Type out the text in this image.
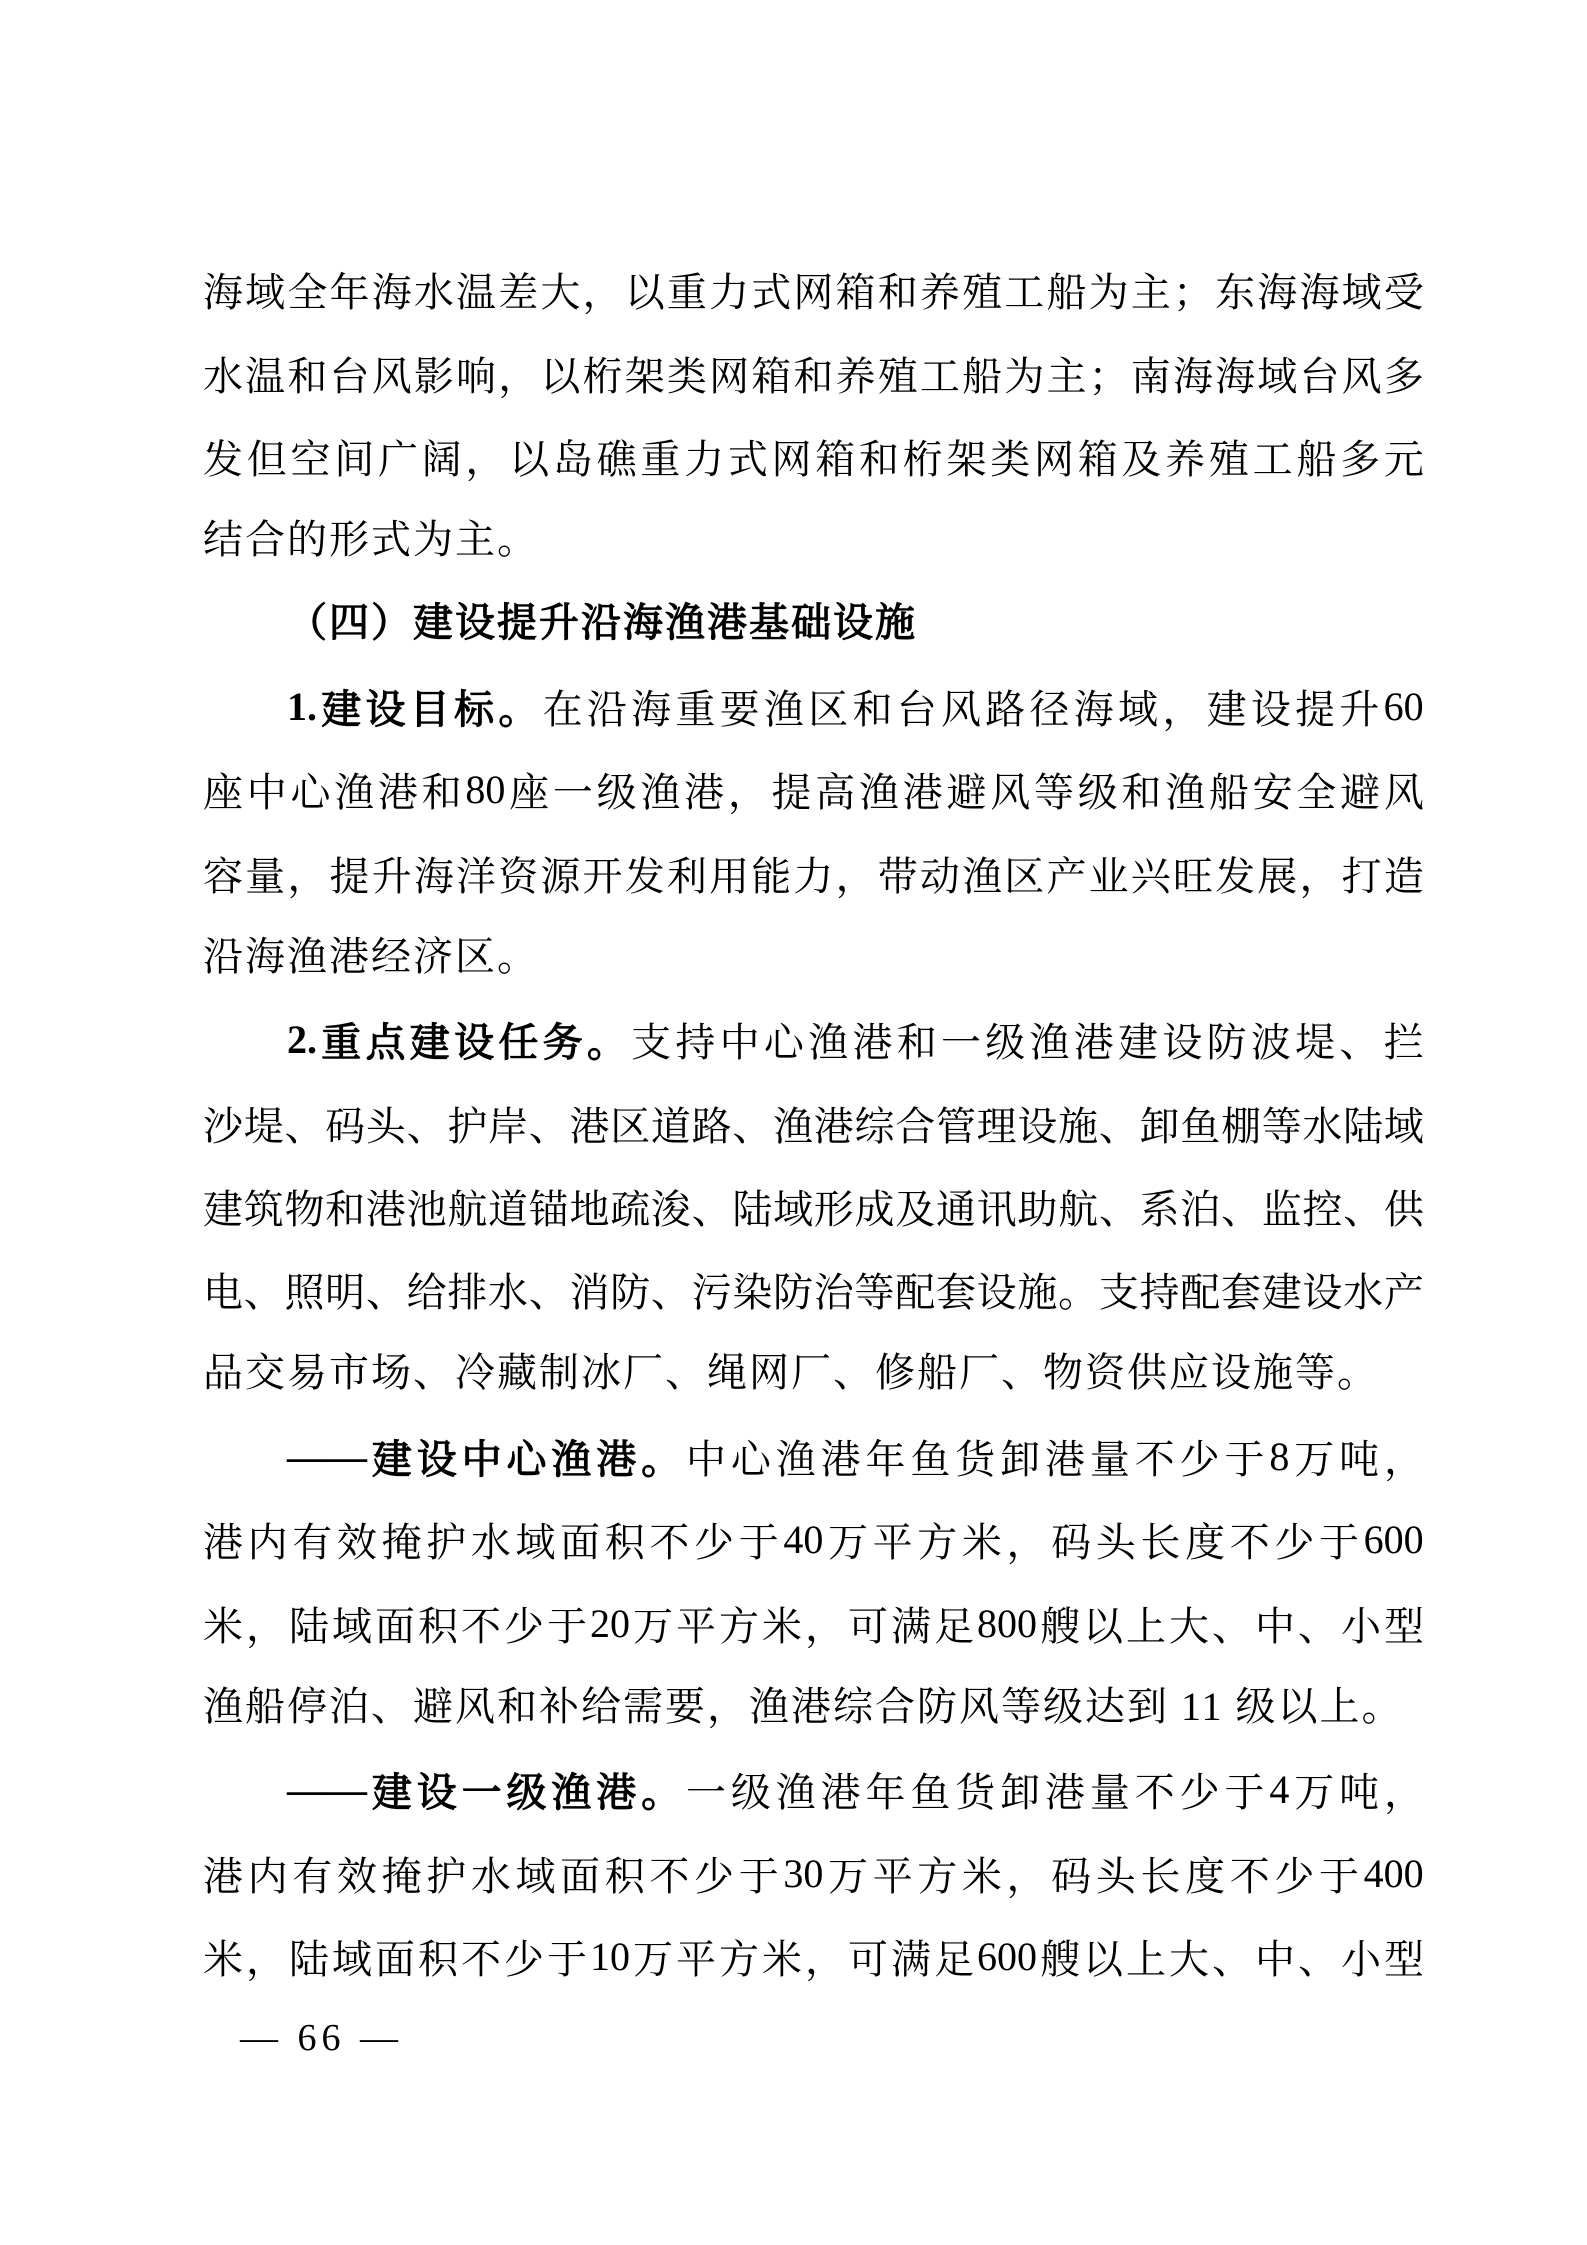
海 域 全 年 海 水 温 差 大 ， 以 重 力 式 网 箱 和 养 殖 工 船 为 主 ； 东 海 海 域 受
水 温 和 台 风 影 响 ， 以 桁 架 类 网 箱 和 养 殖 工 船 为 主 ； 南 海 海 域 台 风 多
发 但 空 间 广 阔 ， 以 岛 礁 重 力 式 网 箱 和 桁 架 类 网 箱 及 养 殖 工 船 多 元
结合的形式为主。
（四）建设提升沿海渔港基础设施
1. 建 设 目 标 。 在 沿 海 重 要 渔 区 和 台 风 路 径 海 域 ， 建 设 提 升 60
座 中 心 渔 港 和 80 座 一 级 渔 港 ， 提 高 渔 港 避 风 等 级 和 渔 船 安 全 避 风
容 量 ， 提 升 海 洋 资 源 开 发 利 用 能 力 ， 带 动 渔 区 产 业 兴 旺 发 展 ， 打 造
沿海渔港经济区。
2. 重 点 建 设 任 务 。 支 持 中 心 渔 港 和 一 级 渔 港 建 设 防 波 堤 、 拦
沙 堤 、 码 头 、 护 岸 、 港 区 道 路 、 渔 港 综 合 管 理 设 施 、 卸 鱼 棚 等 水 陆 域
建 筑 物 和 港 池 航 道 锚 地 疏 浚 、 陆 域 形 成 及 通 讯 助 航 、 系 泊 、 监 控 、 供
电 、 照 明 、 给 排 水 、 消 防 、 污 染 防 治 等 配 套 设 施 。 支 持 配 套 建 设 水 产
品交易市场、冷藏制冰厂、绳网厂、修船厂、物资供应设施等。
—— 建 设 中 心 渔 港 。 中 心 渔 港 年 鱼 货 卸 港 量 不 少 于 8 万 吨 ，
港 内 有 效 掩 护 水 域 面 积 不 少 于 40 万 平 方 米 ， 码 头 长 度 不 少 于 600
米 ， 陆 域 面 积 不 少 于 20 万 平 方 米 ， 可 满 足 800 艘 以 上 大 、 中 、 小 型
渔船停泊、避风和补给需要，渔港综合防风等级达到 11 级以上。
—— 建 设 一 级 渔 港 。 一 级 渔 港 年 鱼 货 卸 港 量 不 少 于 4 万 吨 ，
港 内 有 效 掩 护 水 域 面 积 不 少 于 30 万 平 方 米 ， 码 头 长 度 不 少 于 400
米 ， 陆 域 面 积 不 少 于 10 万 平 方 米 ， 可 满 足 600 艘 以 上 大 、 中 、 小 型
— 66 —
